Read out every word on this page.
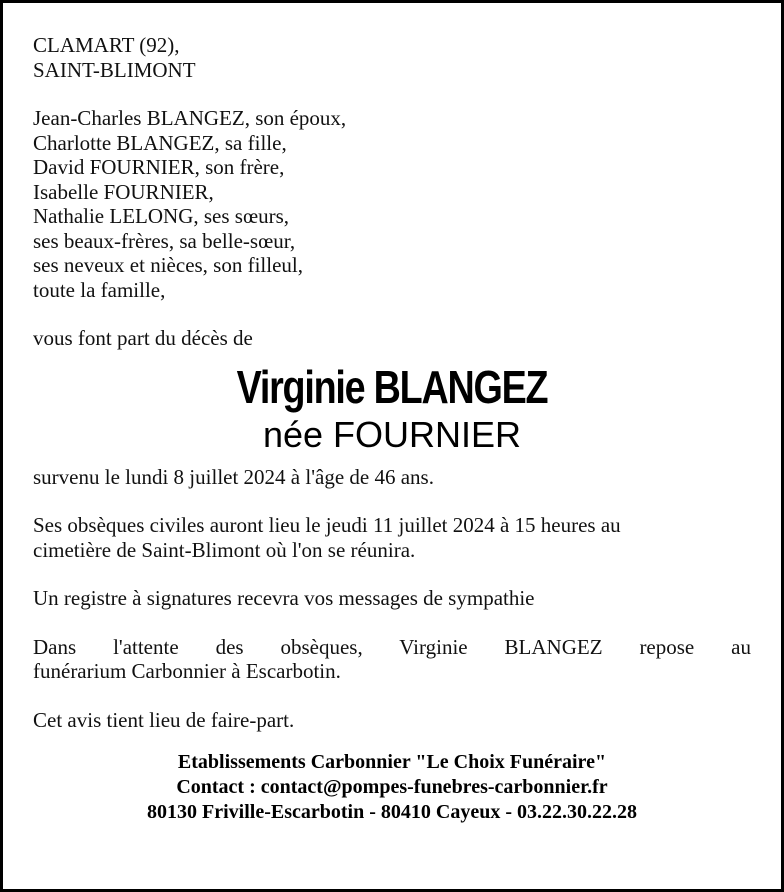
CLAMART (92),
SAINT-BLIMONT
Jean-Charles BLANGEZ, son époux,
Charlotte BLANGEZ, sa fille,
David FOURNIER, son frère,
Isabelle FOURNIER,
Nathalie LELONG, ses sœurs,
ses beaux-frères, sa belle-sœur,
ses neveux et nièces, son filleul,
toute la famille,
vous font part du décès de
Virginie BLANGEZ
née FOURNIER
survenu le lundi 8 juillet 2024 à l'âge de 46 ans.
Ses obsèques civiles auront lieu le jeudi 11 juillet 2024 à 15 heures au
cimetière de Saint-Blimont où l'on se réunira.
Un registre à signatures recevra vos messages de sympathie
Dans l'attente des obsèques, Virginie BLANGEZ repose au
funérarium Carbonnier à Escarbotin.
Cet avis tient lieu de faire-part.
Etablissements Carbonnier "Le Choix Funéraire"
Contact : contact@pompes-funebres-carbonnier.fr
80130 Friville-Escarbotin - 80410 Cayeux - 03.22.30.22.28
